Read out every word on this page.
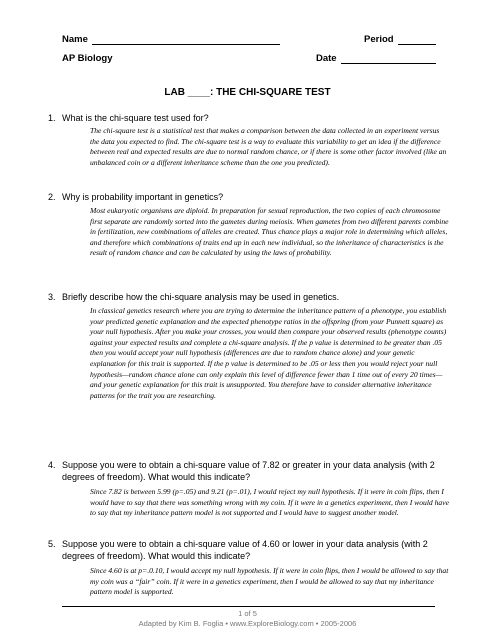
Name	Period
AP Biology	Date
LAB ____: THE CHI-SQUARE TEST
1. What is the chi-square test used for?
The chi-square test is a statistical test that makes a comparison between the data collected in an experiment versus the data you expected to find. The chi-square test is a way to evaluate this variability to get an idea if the difference between real and expected results are due to normal random chance, or if there is some other factor involved (like an unbalanced coin or a different inheritance scheme than the one you predicted).
2. Why is probability important in genetics?
Most eukaryotic organisms are diploid. In preparation for sexual reproduction, the two copies of each chromosome first separate are randomly sorted into the gametes during meiosis. When gametes from two different parents combine in fertilization, new combinations of alleles are created. Thus chance plays a major role in determining which alleles, and therefore which combinations of traits end up in each new individual, so the inheritance of characteristics is the result of random chance and can be calculated by using the laws of probability.
3. Briefly describe how the chi-square analysis may be used in genetics.
In classical genetics research where you are trying to determine the inheritance pattern of a phenotype, you establish your predicted genetic explanation and the expected phenotype ratios in the offspring (from your Punnett square) as your null hypothesis. After you make your crosses, you would then compare your observed results (phenotype counts) against your expected results and complete a chi-square analysis. If the p value is determined to be greater than .05 then you would accept your null hypothesis (differences are due to random chance alone) and your genetic explanation for this trait is supported. If the p value is determined to be .05 or less then you would reject your null hypothesis—random chance alone can only explain this level of difference fewer than 1 time out of every 20 times—and your genetic explanation for this trait is unsupported. You therefore have to consider alternative inheritance patterns for the trait you are researching.
4. Suppose you were to obtain a chi-square value of 7.82 or greater in your data analysis (with 2 degrees of freedom). What would this indicate?
Since 7.82 is between 5.99 (p=.05) and 9.21 (p=.01), I would reject my null hypothesis. If it were in coin flips, then I would have to say that there was something wrong with my coin. If it were in a genetics experiment, then I would have to say that my inheritance pattern model is not supported and I would have to suggest another model.
5. Suppose you were to obtain a chi-square value of 4.60 or lower in your data analysis (with 2 degrees of freedom). What would this indicate?
Since 4.60 is at p=.0.10, I would accept my null hypothesis. If it were in coin flips, then I would be allowed to say that my coin was a “fair” coin. If it were in a genetics experiment, then I would be allowed to say that my inheritance pattern model is supported.
1 of 5
Adapted by Kim B. Foglia • www.ExploreBiology.com • 2005-2006
